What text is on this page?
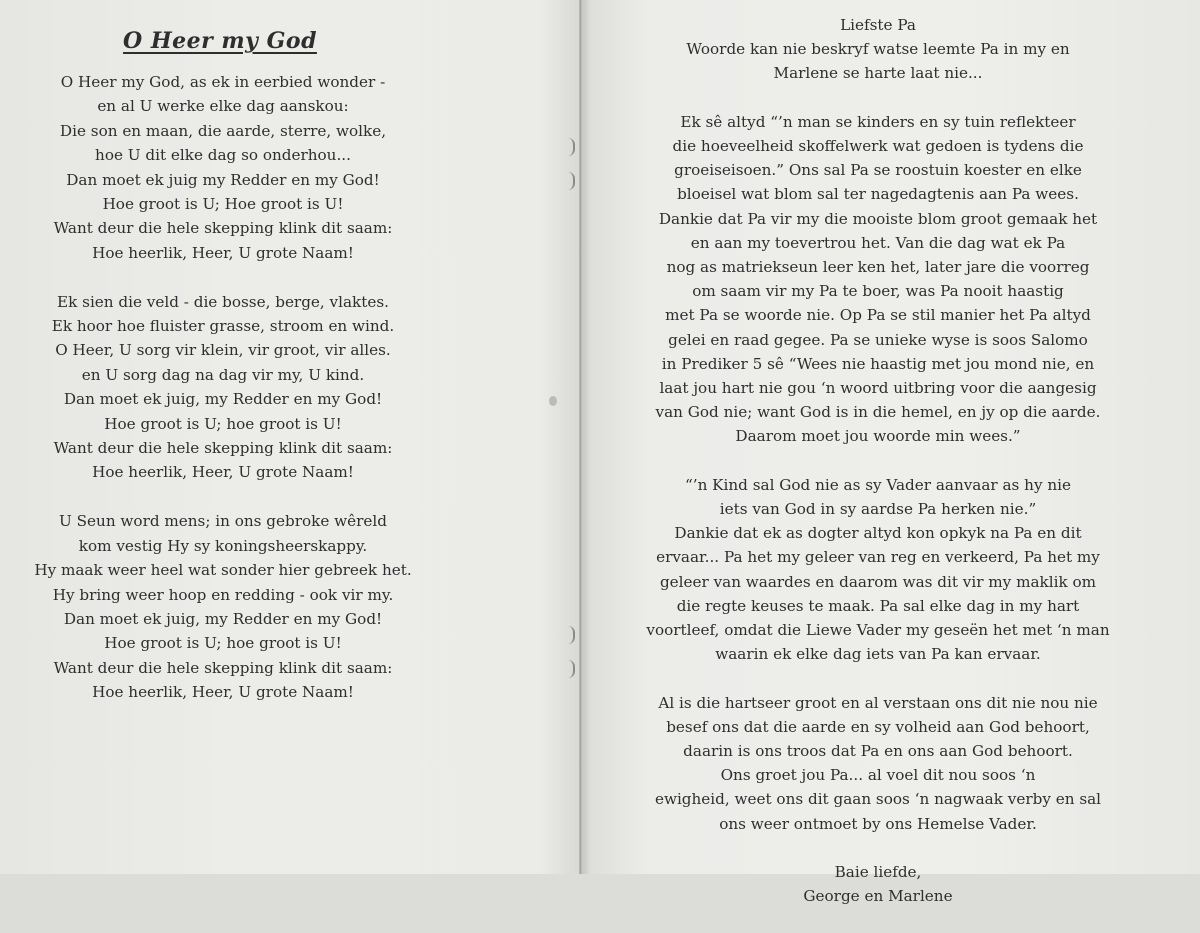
O Heer my God
O Heer my God, as ek in eerbied wonder -
en al U werke elke dag aanskou:
Die son en maan, die aarde, sterre, wolke,
hoe U dit elke dag so onderhou...
Dan moet ek juig my Redder en my God!
Hoe groot is U; Hoe groot is U!
Want deur die hele skepping klink dit saam:
Hoe heerlik, Heer, U grote Naam!
Ek sien die veld - die bosse, berge, vlaktes.
Ek hoor hoe fluister grasse, stroom en wind.
O Heer, U sorg vir klein, vir groot, vir alles.
en U sorg dag na dag vir my, U kind.
Dan moet ek juig, my Redder en my God!
Hoe groot is U; hoe groot is U!
Want deur die hele skepping klink dit saam:
Hoe heerlik, Heer, U grote Naam!
U Seun word mens; in ons gebroke wêreld
kom vestig Hy sy koningsheerskappy.
Hy maak weer heel wat sonder hier gebreek het.
Hy bring weer hoop en redding - ook vir my.
Dan moet ek juig, my Redder en my God!
Hoe groot is U; hoe groot is U!
Want deur die hele skepping klink dit saam:
Hoe heerlik, Heer, U grote Naam!
Liefste Pa
Woorde kan nie beskryf watse leemte Pa in my en
Marlene se harte laat nie...
Ek sê altyd “’n man se kinders en sy tuin reflekteer
die hoeveelheid skoffelwerk wat gedoen is tydens die
groeiseisoen.” Ons sal Pa se roostuin koester en elke
bloeisel wat blom sal ter nagedagtenis aan Pa wees.
Dankie dat Pa vir my die mooiste blom groot gemaak het
en aan my toevertrou het. Van die dag wat ek Pa
nog as matriekseun leer ken het, later jare die voorreg
om saam vir my Pa te boer, was Pa nooit haastig
met Pa se woorde nie. Op Pa se stil manier het Pa altyd
gelei en raad gegee. Pa se unieke wyse is soos Salomo
in Prediker 5 sê “Wees nie haastig met jou mond nie, en
laat jou hart nie gou ‘n woord uitbring voor die aangesig
van God nie; want God is in die hemel, en jy op die aarde.
Daarom moet jou woorde min wees.”
“’n Kind sal God nie as sy Vader aanvaar as hy nie
iets van God in sy aardse Pa herken nie.”
Dankie dat ek as dogter altyd kon opkyk na Pa en dit
ervaar... Pa het my geleer van reg en verkeerd, Pa het my
geleer van waardes en daarom was dit vir my maklik om
die regte keuses te maak. Pa sal elke dag in my hart
voortleef, omdat die Liewe Vader my geseën het met ‘n man
waarin ek elke dag iets van Pa kan ervaar.
Al is die hartseer groot en al verstaan ons dit nie nou nie
besef ons dat die aarde en sy volheid aan God behoort,
daarin is ons troos dat Pa en ons aan God behoort.
Ons groet jou Pa... al voel dit nou soos ‘n
ewigheid, weet ons dit gaan soos ‘n nagwaak verby en sal
ons weer ontmoet by ons Hemelse Vader.
Baie liefde,
George en Marlene
